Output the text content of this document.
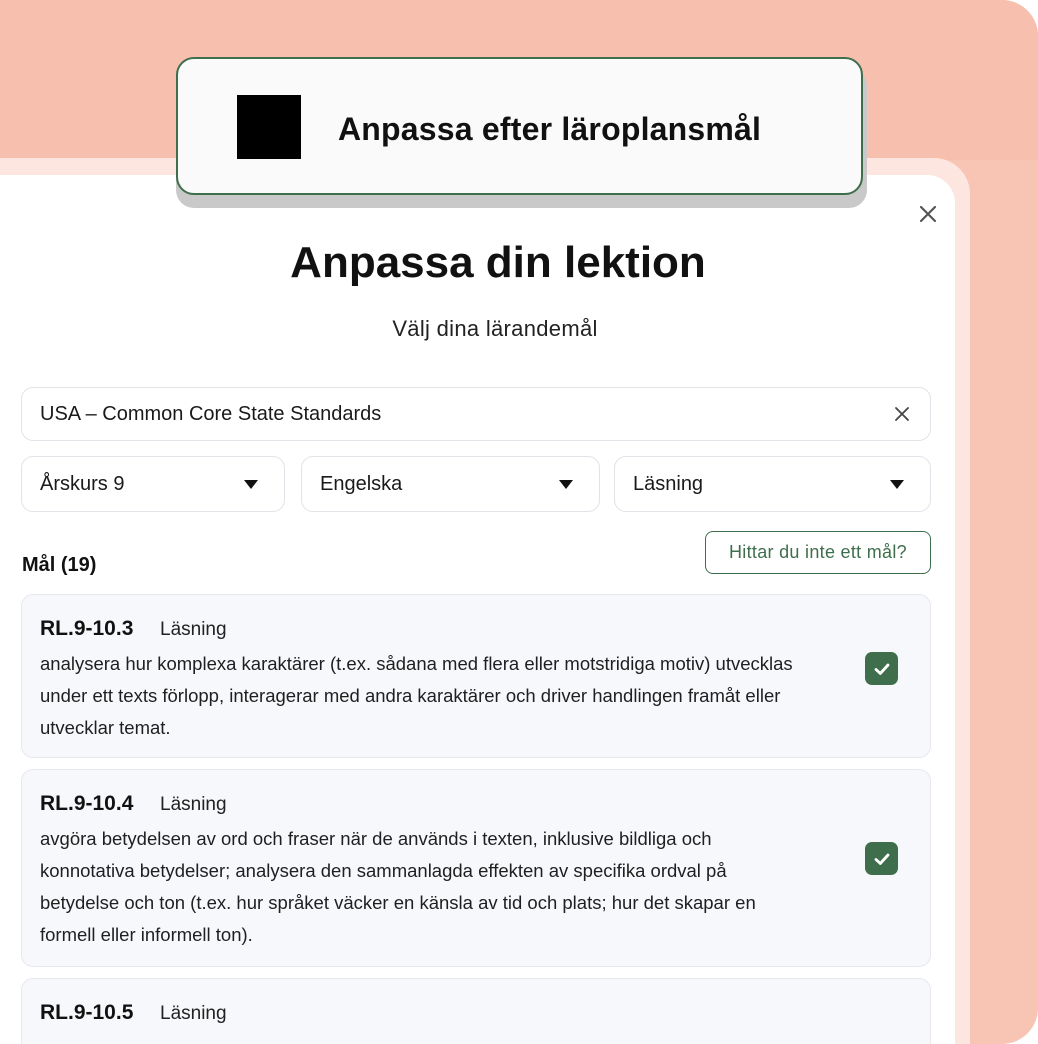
Anpassa efter läroplansmål
Anpassa din lektion
Välj dina lärandemål
USA – Common Core State Standards
Årskurs 9	Engelska	Läsning
Mål (19)
Hittar du inte ett mål?
RL.9-10.3 Läsning
analysera hur komplexa karaktärer (t.ex. sådana med flera eller motstridiga motiv) utvecklas
under ett texts förlopp, interagerar med andra karaktärer och driver handlingen framåt eller
utvecklar temat.
RL.9-10.4 Läsning
avgöra betydelsen av ord och fraser när de används i texten, inklusive bildliga och
konnotativa betydelser; analysera den sammanlagda effekten av specifika ordval på
betydelse och ton (t.ex. hur språket väcker en känsla av tid och plats; hur det skapar en
formell eller informell ton).
RL.9-10.5 Läsning
